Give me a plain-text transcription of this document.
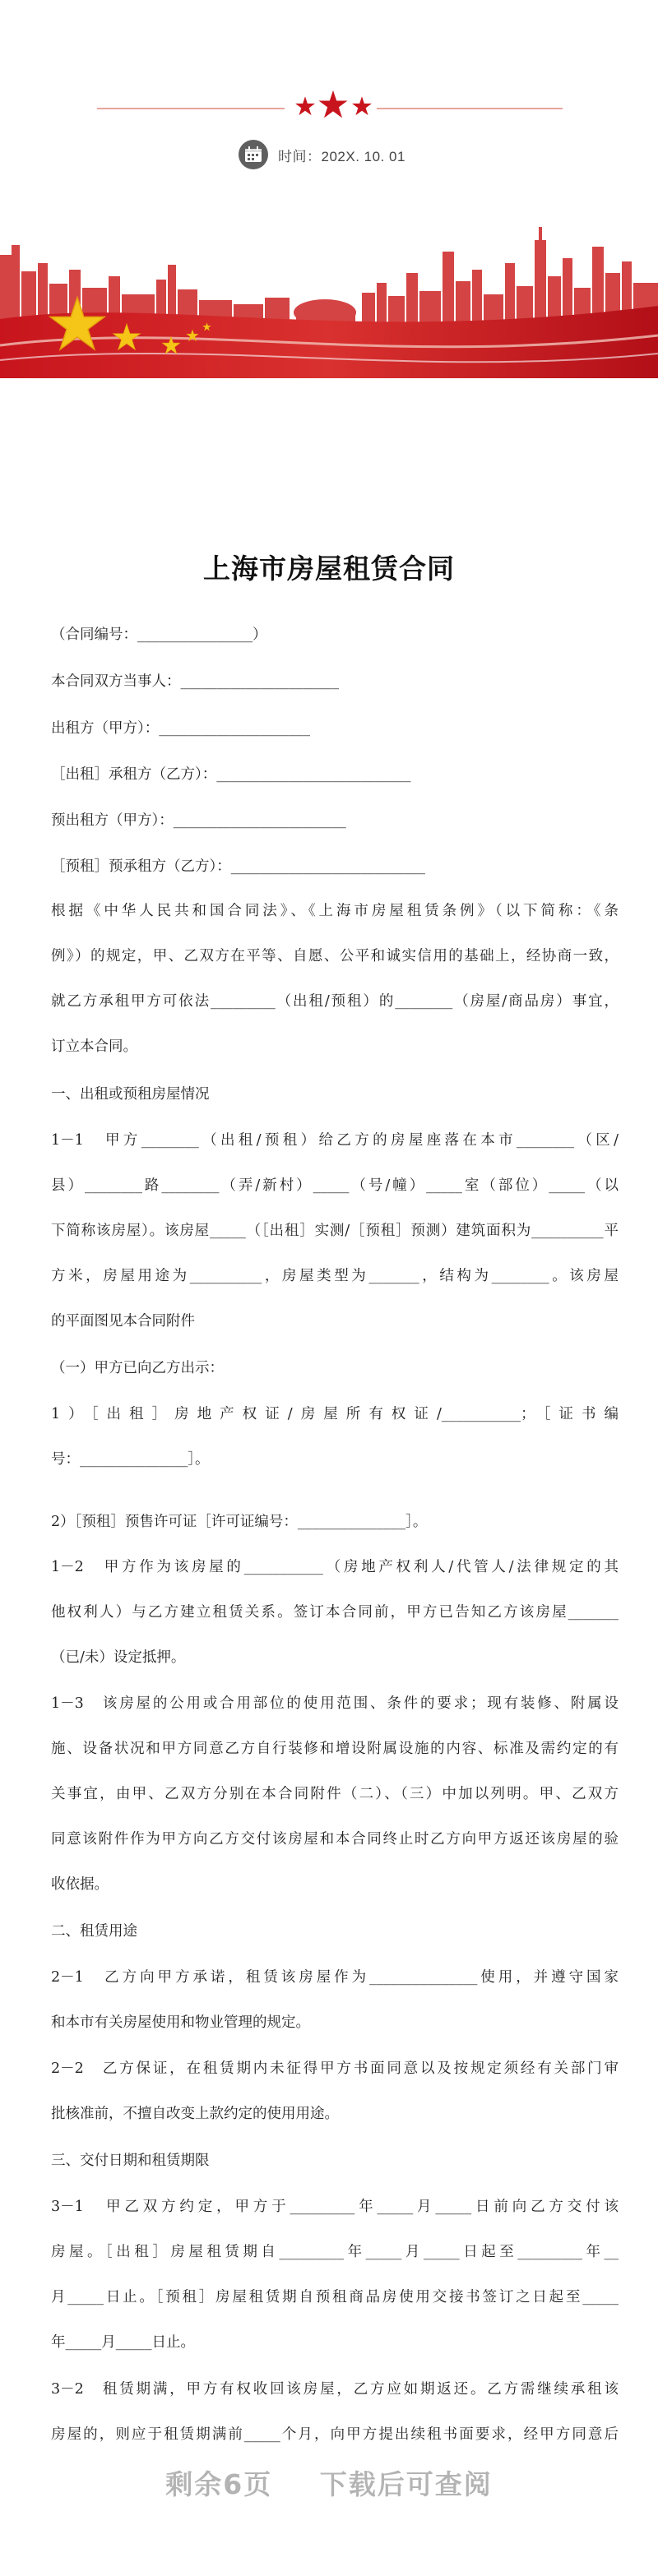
时间：202X. 10. 01
上海市房屋租赁合同
（合同编号：________________）
本合同双方当事人：______________________
出租方（甲方）：_____________________
［出租］承租方（乙方）：___________________________
预出租方（甲方）：________________________
［预租］预承租方（乙方）：___________________________
根据《中华人民共和国合同法》、《上海市房屋租赁条例》（以下简称：《条
例》）的规定，甲、乙双方在平等、自愿、公平和诚实信用的基础上，经协商一致，
就乙方承租甲方可依法_________（出租/预租）的________（房屋/商品房）事宜，
订立本合同。
一、出租或预租房屋情况
1－1　甲方________（出租/预租）给乙方的房屋座落在本市________（区/
县）________路________（弄/新村）_____（号/幢）_____室（部位）_____（以
下简称该房屋）。该房屋_____（［出租］实测/［预租］预测）建筑面积为__________平
方米，房屋用途为__________，房屋类型为_______，结构为________。该房屋
的平面图见本合同附件
（一）甲方已向乙方出示：
1）［出租］房地产权证/房屋所有权证/___________；［证书编
号：_______________］。
2）［预租］预售许可证［许可证编号：_______________］。
1－2　甲方作为该房屋的___________（房地产权利人/代管人/法律规定的其
他权利人）与乙方建立租赁关系。签订本合同前，甲方已告知乙方该房屋_______
（已/未）设定抵押。
1－3　该房屋的公用或合用部位的使用范围、条件的要求；现有装修、附属设
施、设备状况和甲方同意乙方自行装修和增设附属设施的内容、标准及需约定的有
关事宜，由甲、乙双方分别在本合同附件（二）、（三）中加以列明。甲、乙双方
同意该附件作为甲方向乙方交付该房屋和本合同终止时乙方向甲方返还该房屋的验
收依据。
二、租赁用途
2－1　乙方向甲方承诺，租赁该房屋作为_______________使用，并遵守国家
和本市有关房屋使用和物业管理的规定。
2－2　乙方保证，在租赁期内未征得甲方书面同意以及按规定须经有关部门审
批核准前，不擅自改变上款约定的使用用途。
三、交付日期和租赁期限
3－1　甲乙双方约定，甲方于_________年_____月_____日前向乙方交付该
房屋。［出租］房屋租赁期自_________年_____月_____日起至_________年__
月_____日止。［预租］房屋租赁期自预租商品房使用交接书签订之日起至_____
年_____月_____日止。
3－2　租赁期满，甲方有权收回该房屋，乙方应如期返还。乙方需继续承租该
房屋的，则应于租赁期满前_____个月，向甲方提出续租书面要求，经甲方同意后
剩余6页 下载后可查阅
